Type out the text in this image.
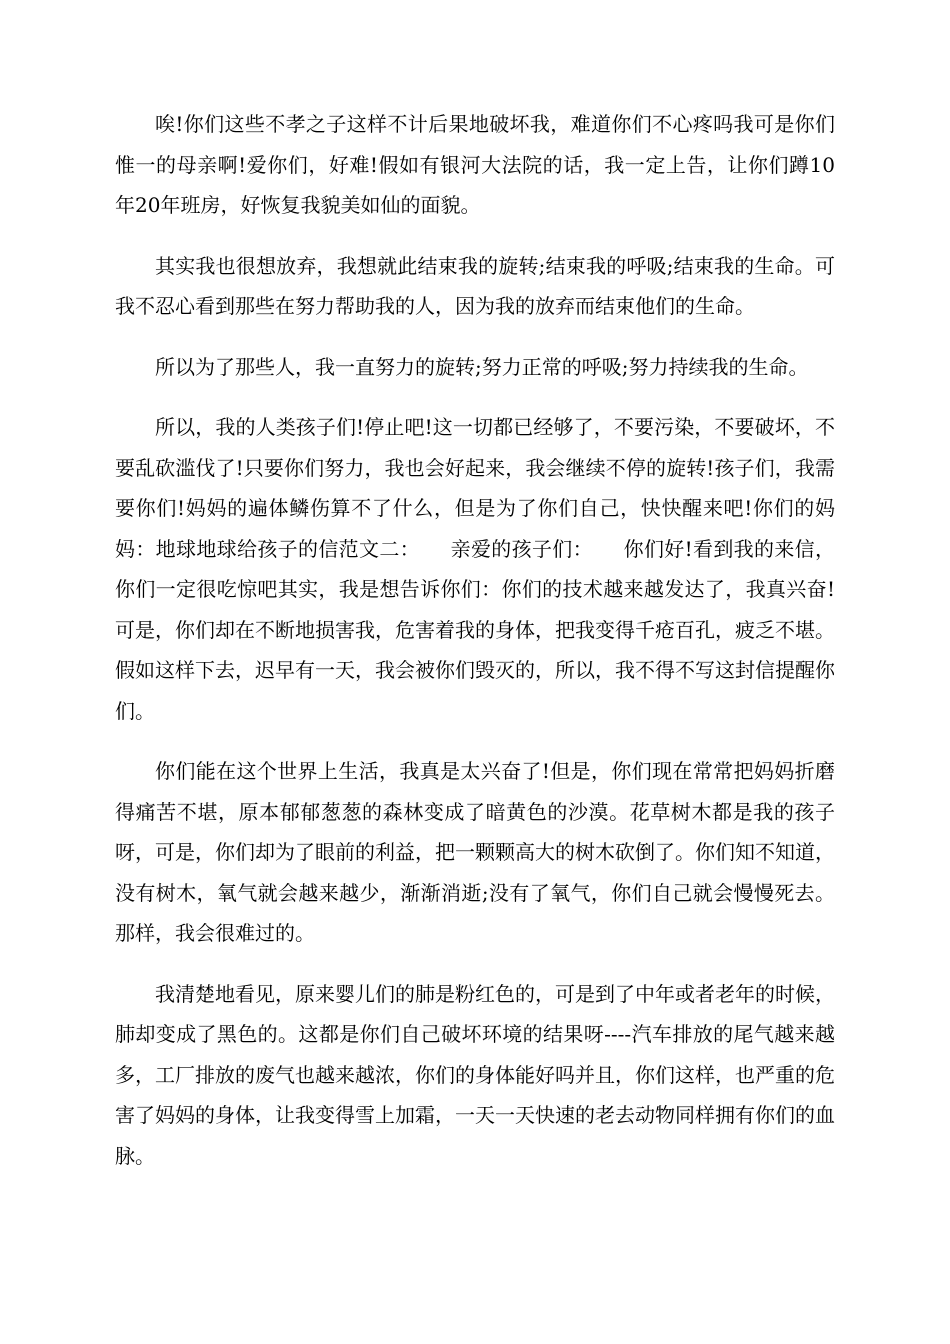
唉!你们这些不孝之子这样不计后果地破坏我，难道你们不心疼吗我可是你们惟一的母亲啊!爱你们，好难!假如有银河大法院的话，我一定上告，让你们蹲10年20年班房，好恢复我貌美如仙的面貌。

其实我也很想放弃，我想就此结束我的旋转;结束我的呼吸;结束我的生命。可我不忍心看到那些在努力帮助我的人，因为我的放弃而结束他们的生命。

所以为了那些人，我一直努力的旋转;努力正常的呼吸;努力持续我的生命。

所以，我的人类孩子们!停止吧!这一切都已经够了，不要污染，不要破坏，不要乱砍滥伐了!只要你们努力，我也会好起来，我会继续不停的旋转!孩子们，我需要你们!妈妈的遍体鳞伤算不了什么，但是为了你们自己，快快醒来吧!你们的妈妈：地球地球给孩子的信范文二：　　亲爱的孩子们：　　你们好!看到我的来信，你们一定很吃惊吧其实，我是想告诉你们：你们的技术越来越发达了，我真兴奋!可是，你们却在不断地损害我，危害着我的身体，把我变得千疮百孔，疲乏不堪。假如这样下去，迟早有一天，我会被你们毁灭的，所以，我不得不写这封信提醒你们。

你们能在这个世界上生活，我真是太兴奋了!但是，你们现在常常把妈妈折磨得痛苦不堪，原本郁郁葱葱的森林变成了暗黄色的沙漠。花草树木都是我的孩子呀，可是，你们却为了眼前的利益，把一颗颗高大的树木砍倒了。你们知不知道，没有树木，氧气就会越来越少，渐渐消逝;没有了氧气，你们自己就会慢慢死去。那样，我会很难过的。

我清楚地看见，原来婴儿们的肺是粉红色的，可是到了中年或者老年的时候，肺却变成了黑色的。这都是你们自己破坏环境的结果呀----汽车排放的尾气越来越多，工厂排放的废气也越来越浓，你们的身体能好吗并且，你们这样，也严重的危害了妈妈的身体，让我变得雪上加霜，一天一天快速的老去动物同样拥有你们的血脉。
